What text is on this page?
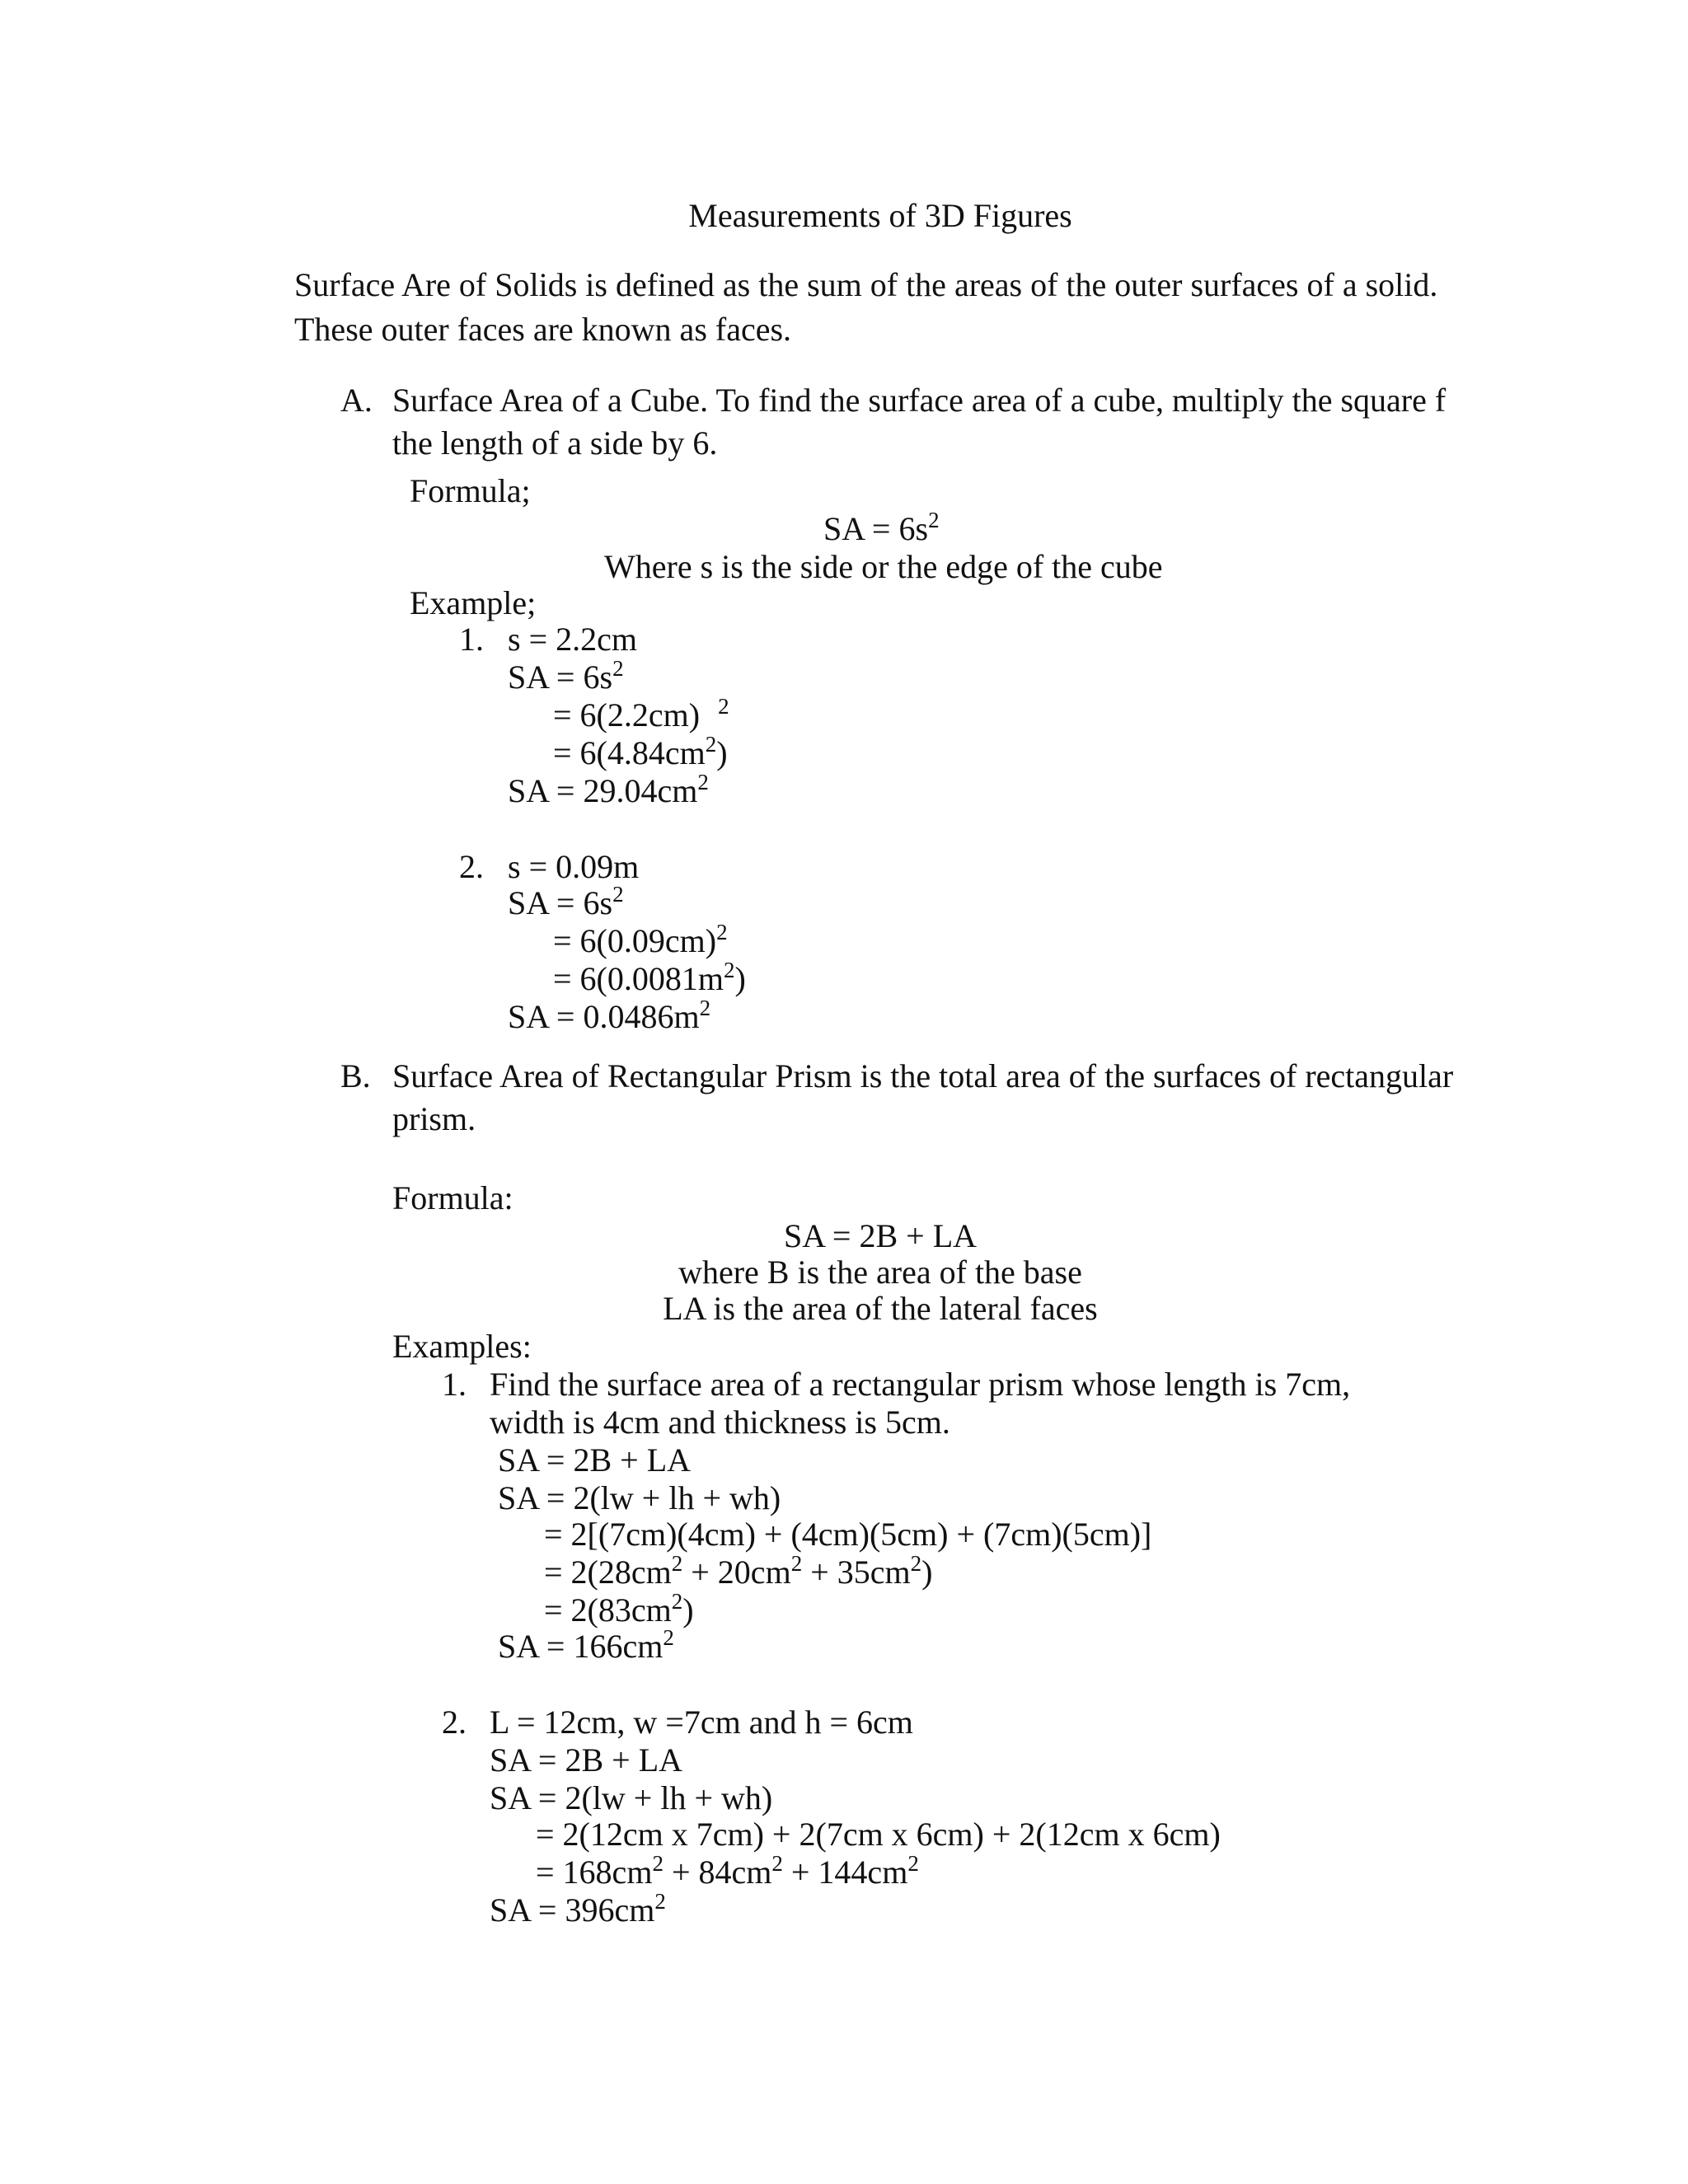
Measurements of 3D Figures
Surface Are of Solids is defined as the sum of the areas of the outer surfaces of a solid.
These outer faces are known as faces.
A. Surface Area of a Cube. To find the surface area of a cube, multiply the square f
the length of a side by 6.
Formula;
SA = $6s^2$
Where s is the side or the edge of the cube
Example;
1. s = 2.2cm
SA = $6s^2$
= 6(2.2cm) $^2$
= $6(4.84cm^2)$
SA = $29.04cm^2$
2. s = 0.09m
SA = $6s^2$
= $6(0.09cm)^2$
= $6(0.0081m^2)$
SA = $0.0486m^2$
B. Surface Area of Rectangular Prism is the total area of the surfaces of rectangular
prism.
Formula:
SA = 2B + LA
where B is the area of the base
LA is the area of the lateral faces
Examples:
1. Find the surface area of a rectangular prism whose length is 7cm,
width is 4cm and thickness is 5cm.
SA = 2B + LA
SA = 2(lw + lh + wh)
= 2[(7cm)(4cm) + (4cm)(5cm) + (7cm)(5cm)]
= $2(28cm^2 + 20cm^2 + 35cm^2)$
= $2(83cm^2)$
SA = $166cm^2$
2. L = 12cm, w =7cm and h = 6cm
SA = 2B + LA
SA = 2(lw + lh + wh)
= 2(12cm x 7cm) + 2(7cm x 6cm) + 2(12cm x 6cm)
= $168cm^2 + 84cm^2 + 144cm^2$
SA = $396cm^2$
